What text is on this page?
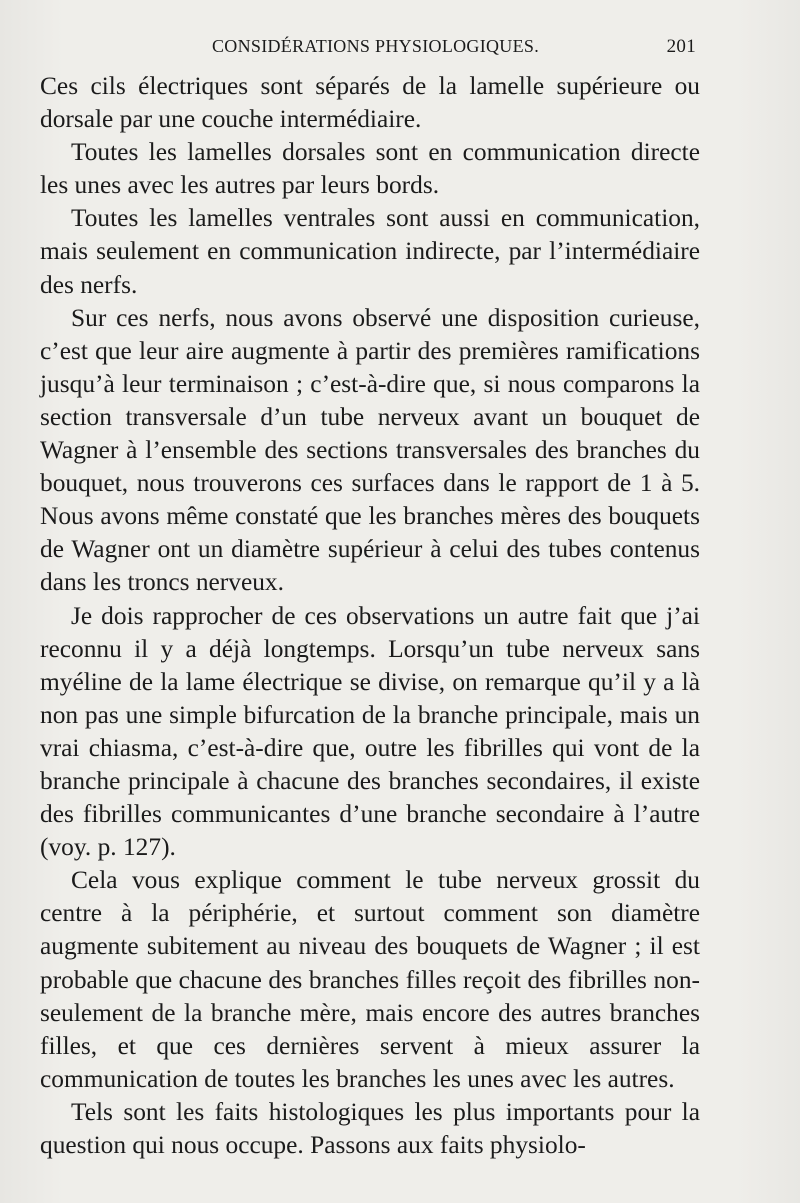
CONSIDÉRATIONS PHYSIOLOGIQUES.	201

Ces cils électriques sont séparés de la lamelle supérieure ou dorsale par une couche intermédiaire.

Toutes les lamelles dorsales sont en communication directe les unes avec les autres par leurs bords.

Toutes les lamelles ventrales sont aussi en communication, mais seulement en communication indirecte, par l’intermédiaire des nerfs.

Sur ces nerfs, nous avons observé une disposition curieuse, c’est que leur aire augmente à partir des premières ramifications jusqu’à leur terminaison ; c’est-à-dire que, si nous comparons la section transversale d’un tube nerveux avant un bouquet de Wagner à l’ensemble des sections transversales des branches du bouquet, nous trouverons ces surfaces dans le rapport de 1 à 5. Nous avons même constaté que les branches mères des bouquets de Wagner ont un diamètre supérieur à celui des tubes contenus dans les troncs nerveux.

Je dois rapprocher de ces observations un autre fait que j’ai reconnu il y a déjà longtemps. Lorsqu’un tube nerveux sans myéline de la lame électrique se divise, on remarque qu’il y a là non pas une simple bifurcation de la branche principale, mais un vrai chiasma, c’est-à-dire que, outre les fibrilles qui vont de la branche principale à chacune des branches secondaires, il existe des fibrilles communicantes d’une branche secondaire à l’autre (voy. p. 127).

Cela vous explique comment le tube nerveux grossit du centre à la périphérie, et surtout comment son diamètre augmente subitement au niveau des bouquets de Wagner ; il est probable que chacune des branches filles reçoit des fibrilles non-seulement de la branche mère, mais encore des autres branches filles, et que ces dernières servent à mieux assurer la communication de toutes les branches les unes avec les autres.

Tels sont les faits histologiques les plus importants pour la question qui nous occupe. Passons aux faits physiolo-
